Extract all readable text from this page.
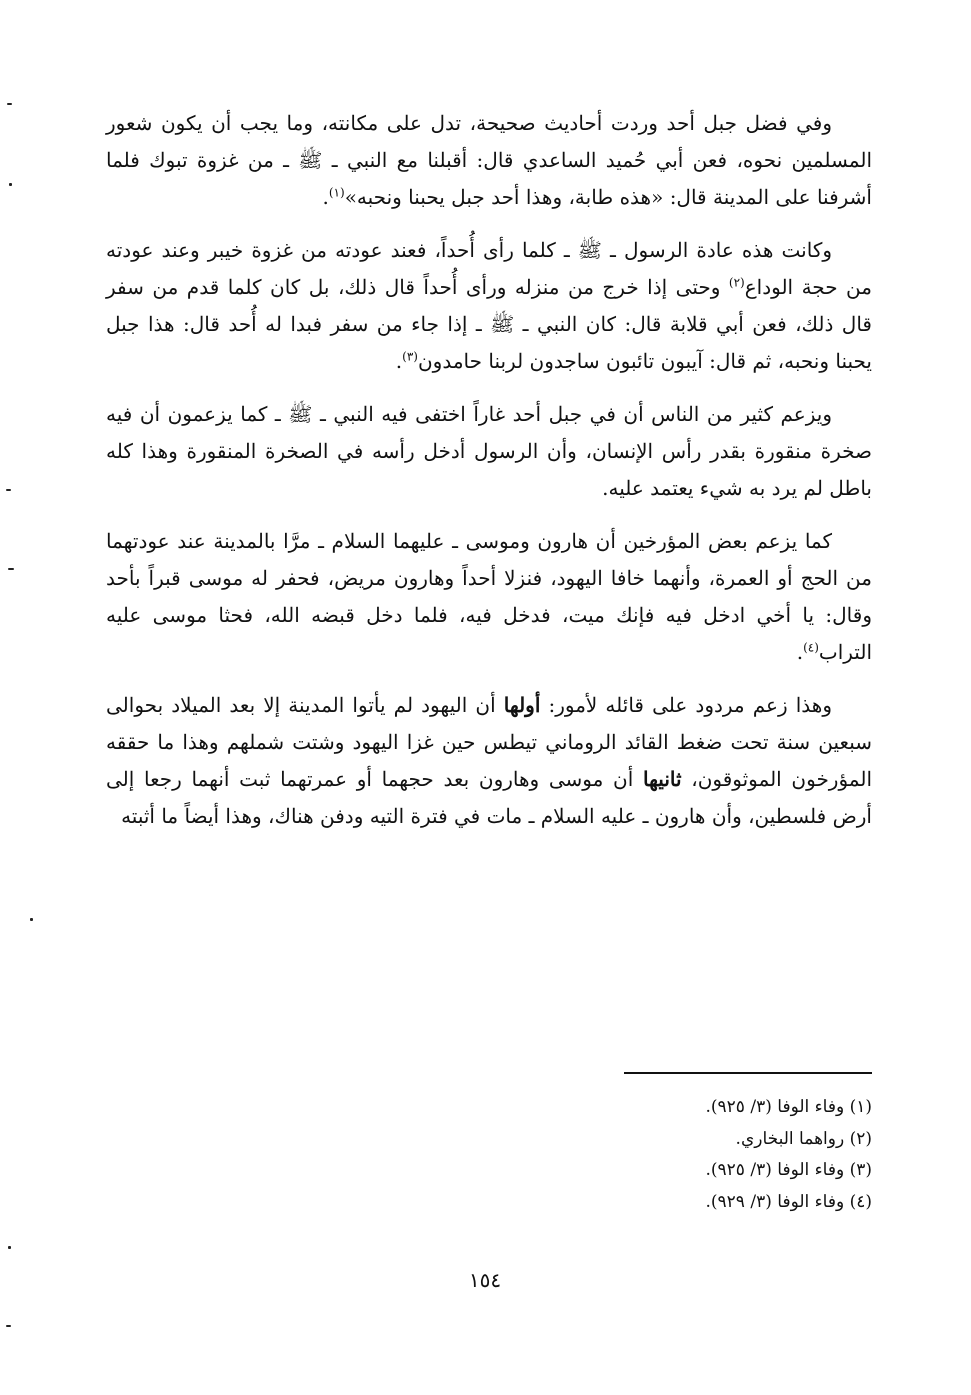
وفي فضل جبل أحد وردت أحاديث صحيحة، تدل على مكانته، وما يجب أن يكون شعور المسلمين نحوه، فعن أبي حُميد الساعدي قال: أقبلنا مع النبي ـ ﷺ ـ من غزوة تبوك فلما أشرفنا على المدينة قال: «هذه طابة، وهذا أحد جبل يحبنا ونحبه»$^{(١)}$.

وكانت هذه عادة الرسول ـ ﷺ ـ كلما رأى أُحداً، فعند عودته من غزوة خيبر وعند عودته من حجة الوداع$^{(٢)}$ وحتى إذا خرج من منزله ورأى أُحداً قال ذلك، بل كان كلما قدم من سفر قال ذلك، فعن أبي قلابة قال: كان النبي ـ ﷺ ـ إذا جاء من سفر فبدا له أُحد قال: هذا جبل يحبنا ونحبه، ثم قال: آيبون تائبون ساجدون لربنا حامدون$^{(٣)}$.

ويزعم كثير من الناس أن في جبل أحد غاراً اختفى فيه النبي ـ ﷺ ـ كما يزعمون أن فيه صخرة منقورة بقدر رأس الإنسان، وأن الرسول أدخل رأسه في الصخرة المنقورة وهذا كله باطل لم يرد به شيء يعتمد عليه.

كما يزعم بعض المؤرخين أن هارون وموسى ـ عليهما السلام ـ مرَّا بالمدينة عند عودتهما من الحج أو العمرة، وأنهما خافا اليهود، فنزلا أحداً وهارون مريض، فحفر له موسى قبراً بأحد وقال: يا أخي ادخل فيه فإنك ميت، فدخل فيه، فلما دخل قبضه الله، فحثا موسى عليه التراب$^{(٤)}$.

وهذا زعم مردود على قائله لأمور: أولها أن اليهود لم يأتوا المدينة إلا بعد الميلاد بحوالى سبعين سنة تحت ضغط القائد الروماني تيطس حين غزا اليهود وشتت شملهم وهذا ما حققه المؤرخون الموثوقون، ثانيها أن موسى وهارون بعد حجهما أو عمرتهما ثبت أنهما رجعا إلى أرض فلسطين، وأن هارون ـ عليه السلام ـ مات في فترة التيه ودفن هناك، وهذا أيضاً ما أثبته

(١) وفاء الوفا (٣/ ٩٢٥).

(٢) رواهما البخاري.

(٣) وفاء الوفا (٣/ ٩٢٥).

(٤) وفاء الوفا (٣/ ٩٢٩).

١٥٤
